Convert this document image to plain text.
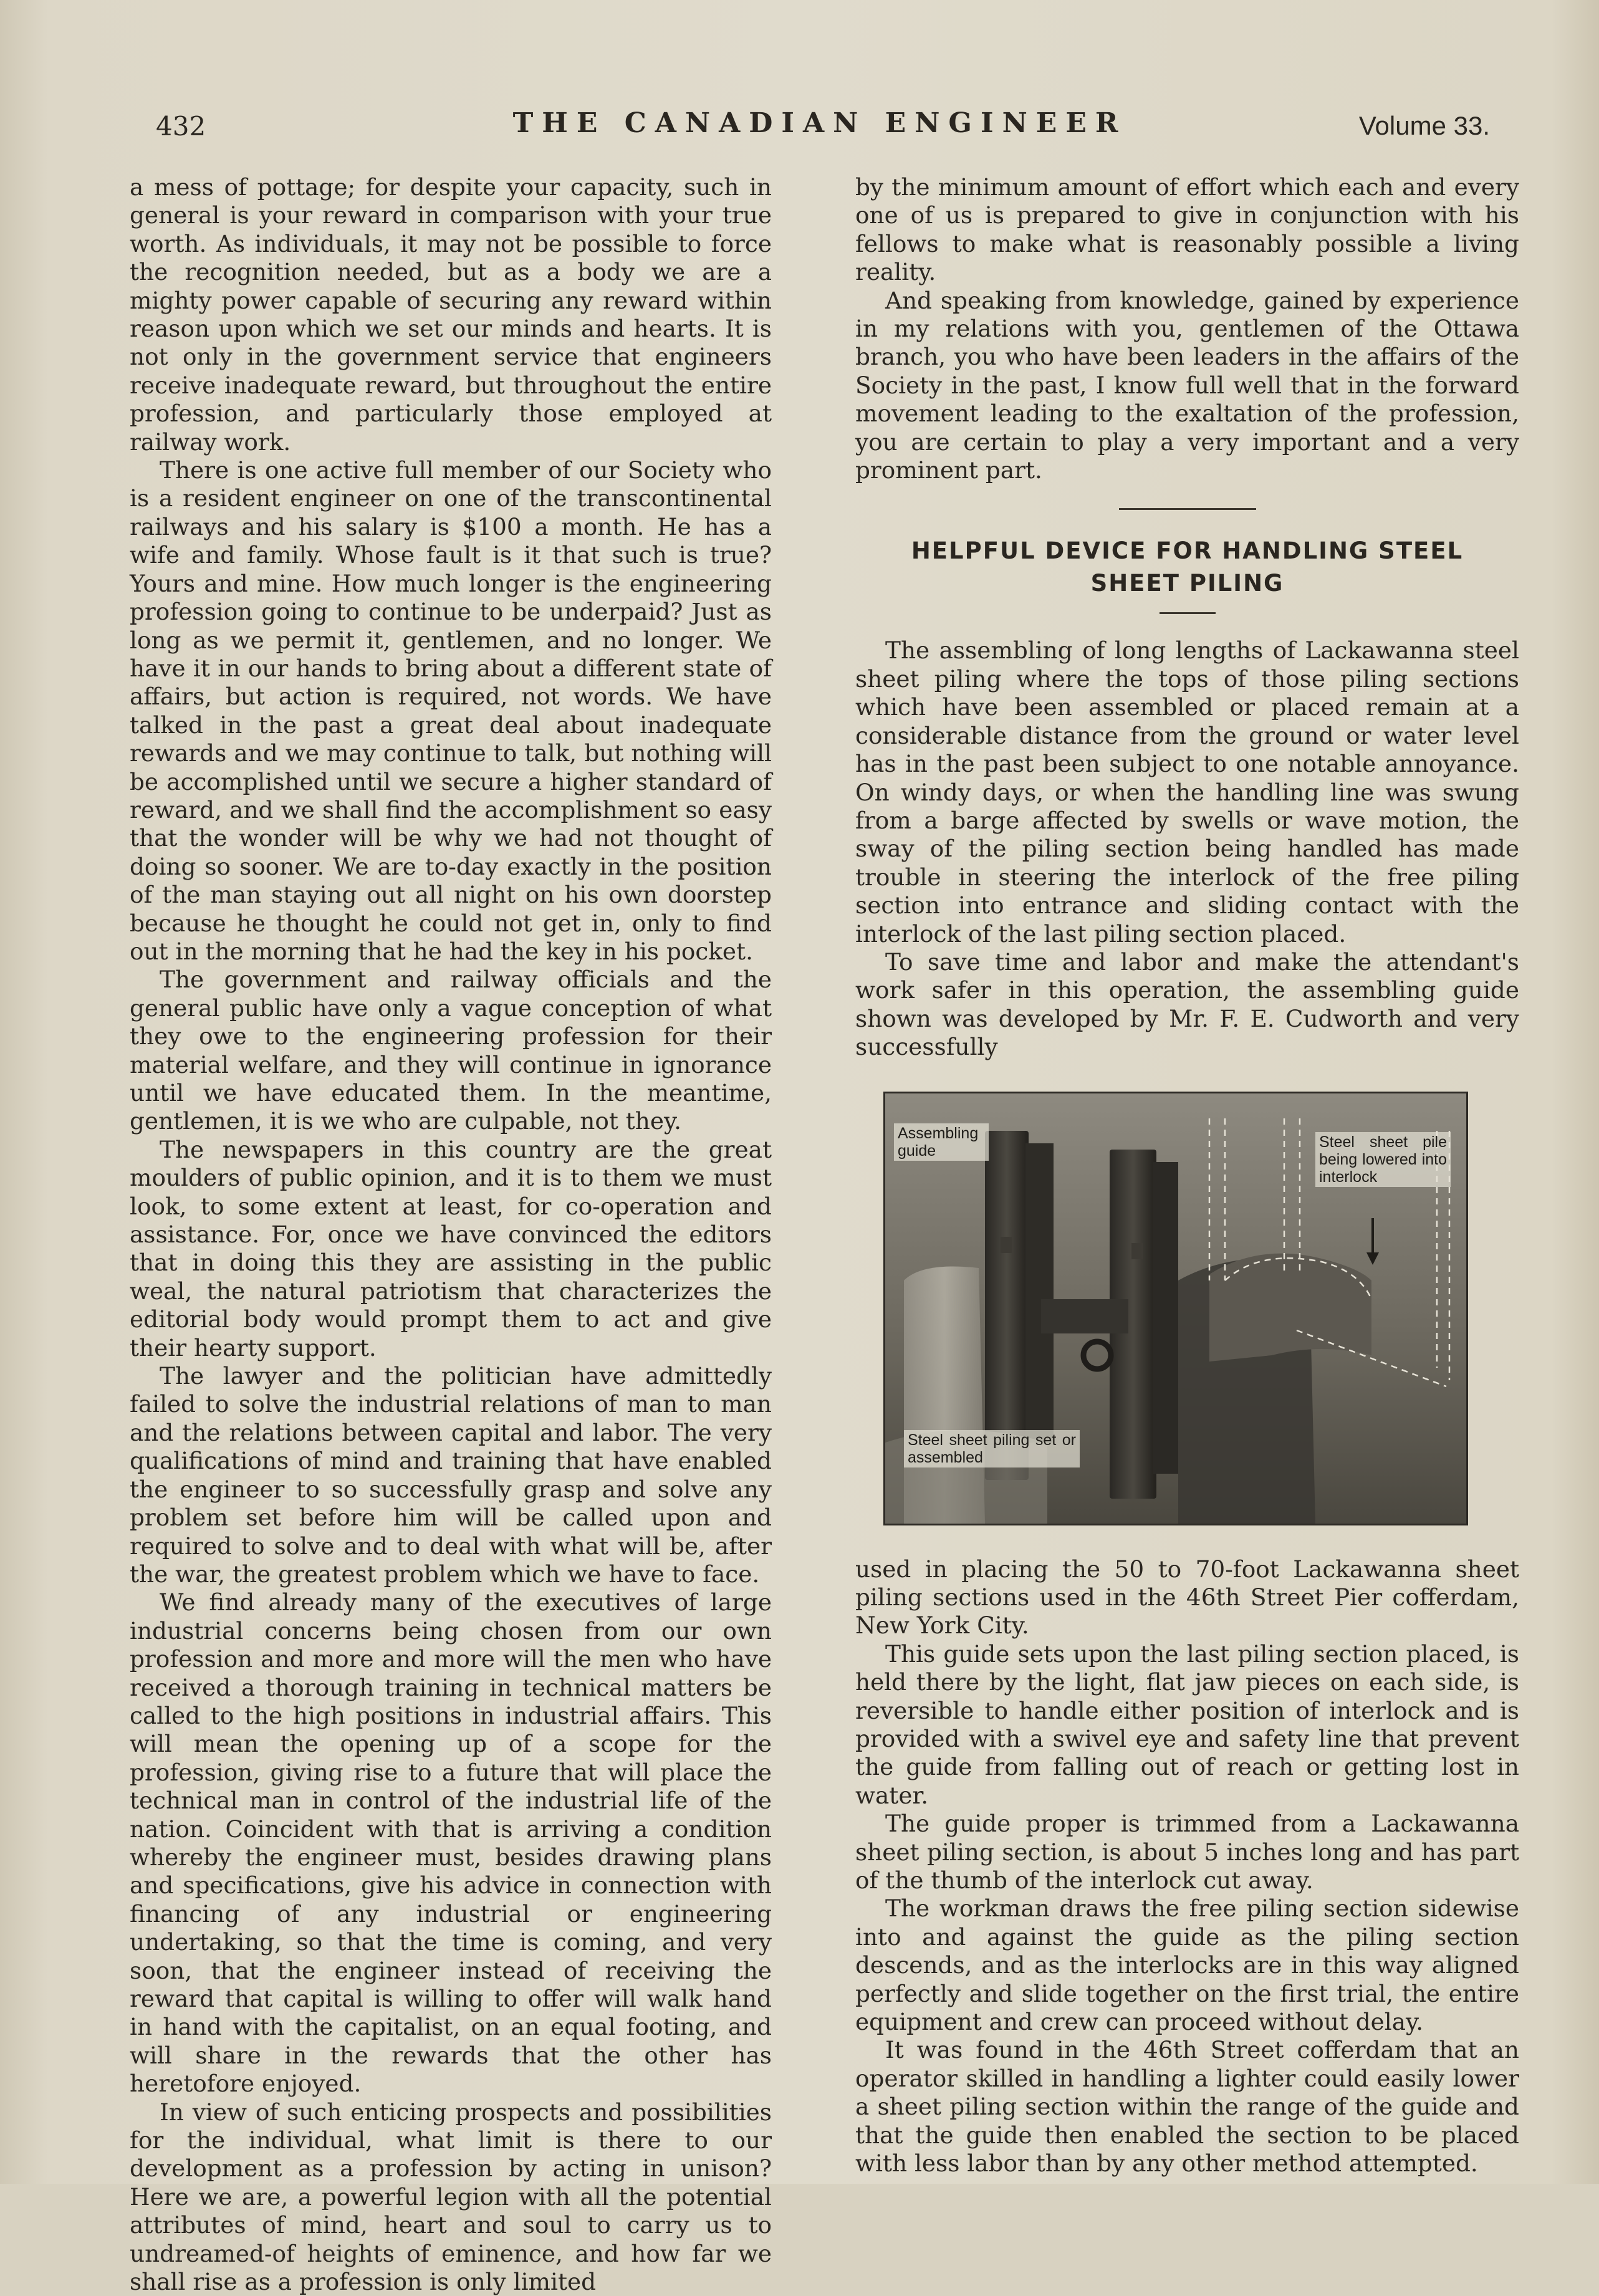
432	THE CANADIAN ENGINEER	Volume 33.

a mess of pottage; for despite your capacity, such in general is your reward in comparison with your true worth. As individuals, it may not be possible to force the recognition needed, but as a body we are a mighty power capable of securing any reward within reason upon which we set our minds and hearts. It is not only in the government service that engineers receive inadequate reward, but throughout the entire profession, and particularly those employed at railway work.

There is one active full member of our Society who is a resident engineer on one of the transcontinental railways and his salary is $100 a month. He has a wife and family. Whose fault is it that such is true? Yours and mine. How much longer is the engineering profession going to continue to be underpaid? Just as long as we permit it, gentlemen, and no longer. We have it in our hands to bring about a different state of affairs, but action is required, not words. We have talked in the past a great deal about inadequate rewards and we may continue to talk, but nothing will be accomplished until we secure a higher standard of reward, and we shall find the accomplishment so easy that the wonder will be why we had not thought of doing so sooner. We are to-day exactly in the position of the man staying out all night on his own doorstep because he thought he could not get in, only to find out in the morning that he had the key in his pocket.

The government and railway officials and the general public have only a vague conception of what they owe to the engineering profession for their material welfare, and they will continue in ignorance until we have educated them. In the meantime, gentlemen, it is we who are culpable, not they.

The newspapers in this country are the great moulders of public opinion, and it is to them we must look, to some extent at least, for co-operation and assistance. For, once we have convinced the editors that in doing this they are assisting in the public weal, the natural patriotism that characterizes the editorial body would prompt them to act and give their hearty support.

The lawyer and the politician have admittedly failed to solve the industrial relations of man to man and the relations between capital and labor. The very qualifications of mind and training that have enabled the engineer to so successfully grasp and solve any problem set before him will be called upon and required to solve and to deal with what will be, after the war, the greatest problem which we have to face.

We find already many of the executives of large industrial concerns being chosen from our own profession and more and more will the men who have received a thorough training in technical matters be called to the high positions in industrial affairs. This will mean the opening up of a scope for the profession, giving rise to a future that will place the technical man in control of the industrial life of the nation. Coincident with that is arriving a condition whereby the engineer must, besides drawing plans and specifications, give his advice in connection with financing of any industrial or engineering undertaking, so that the time is coming, and very soon, that the engineer instead of receiving the reward that capital is willing to offer will walk hand in hand with the capitalist, on an equal footing, and will share in the rewards that the other has heretofore enjoyed.

In view of such enticing prospects and possibilities for the individual, what limit is there to our development as a profession by acting in unison? Here we are, a powerful legion with all the potential attributes of mind, heart and soul to carry us to undreamed-of heights of eminence, and how far we shall rise as a profession is only limited

by the minimum amount of effort which each and every one of us is prepared to give in conjunction with his fellows to make what is reasonably possible a living reality.

And speaking from knowledge, gained by experience in my relations with you, gentlemen of the Ottawa branch, you who have been leaders in the affairs of the Society in the past, I know full well that in the forward movement leading to the exaltation of the profession, you are certain to play a very important and a very prominent part.

HELPFUL DEVICE FOR HANDLING STEEL
SHEET PILING

The assembling of long lengths of Lackawanna steel sheet piling where the tops of those piling sections which have been assembled or placed remain at a considerable distance from the ground or water level has in the past been subject to one notable annoyance. On windy days, or when the handling line was swung from a barge affected by swells or wave motion, the sway of the piling section being handled has made trouble in steering the interlock of the free piling section into entrance and sliding contact with the interlock of the last piling section placed.

To save time and labor and make the attendant's work safer in this operation, the assembling guide shown was developed by Mr. F. E. Cudworth and very successfully

Assembling guide	Steel sheet pile being lowered into interlock
Steel sheet piling set or assembled

used in placing the 50 to 70-foot Lackawanna sheet piling sections used in the 46th Street Pier cofferdam, New York City.

This guide sets upon the last piling section placed, is held there by the light, flat jaw pieces on each side, is reversible to handle either position of interlock and is provided with a swivel eye and safety line that prevent the guide from falling out of reach or getting lost in water.

The guide proper is trimmed from a Lackawanna sheet piling section, is about 5 inches long and has part of the thumb of the interlock cut away.

The workman draws the free piling section sidewise into and against the guide as the piling section descends, and as the interlocks are in this way aligned perfectly and slide together on the first trial, the entire equipment and crew can proceed without delay.

It was found in the 46th Street cofferdam that an operator skilled in handling a lighter could easily lower a sheet piling section within the range of the guide and that the guide then enabled the section to be placed with less labor than by any other method attempted.
